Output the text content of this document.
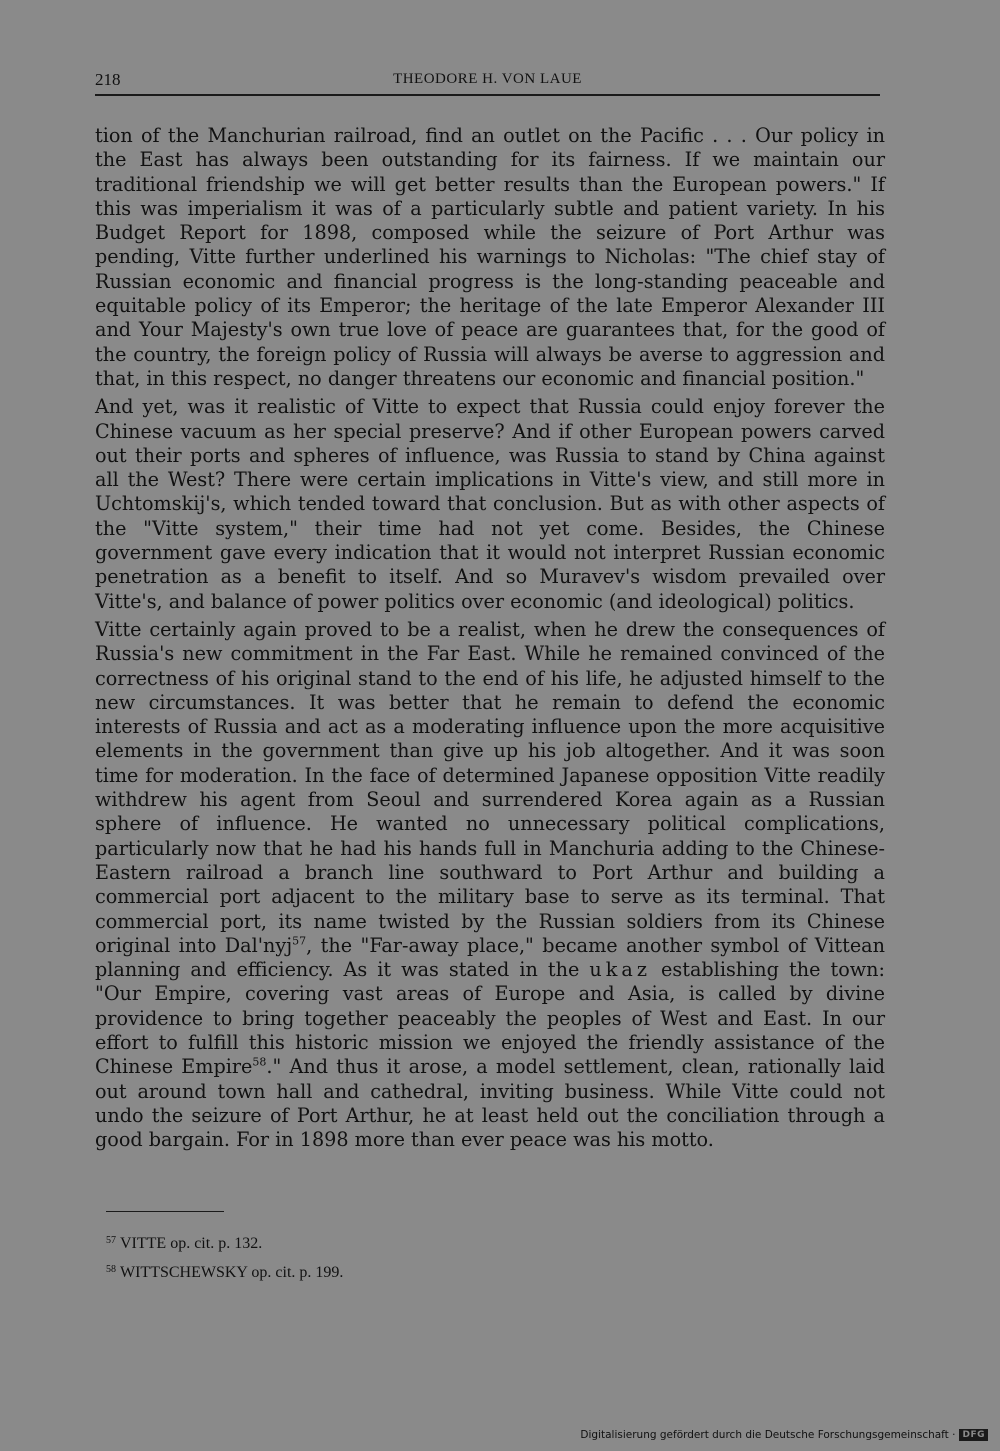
218	THEODORE H. VON LAUE

tion of the Manchurian railroad, find an outlet on the Pacific . . . Our policy in the East has always been outstanding for its fairness. If we maintain our traditional friendship we will get better results than the European powers." If this was imperialism it was of a particularly subtle and patient variety. In his Budget Report for 1898, composed while the seizure of Port Arthur was pending, Vitte further underlined his warnings to Nicholas: "The chief stay of Russian economic and financial progress is the long-standing peaceable and equitable policy of its Emperor; the heritage of the late Emperor Alexander III and Your Majesty's own true love of peace are guarantees that, for the good of the country, the foreign policy of Russia will always be averse to aggression and that, in this respect, no danger threatens our economic and financial position."

And yet, was it realistic of Vitte to expect that Russia could enjoy forever the Chinese vacuum as her special preserve? And if other European powers carved out their ports and spheres of influence, was Russia to stand by China against all the West? There were certain implications in Vitte's view, and still more in Uchtomskij's, which tended toward that conclusion. But as with other aspects of the "Vitte system," their time had not yet come. Besides, the Chinese government gave every indication that it would not interpret Russian economic penetration as a benefit to itself. And so Muravev's wisdom prevailed over Vitte's, and balance of power politics over economic (and ideological) politics.

Vitte certainly again proved to be a realist, when he drew the consequences of Russia's new commitment in the Far East. While he remained convinced of the correctness of his original stand to the end of his life, he adjusted himself to the new circumstances. It was better that he remain to defend the economic interests of Russia and act as a moderating influence upon the more acquisitive elements in the government than give up his job altogether. And it was soon time for moderation. In the face of determined Japanese opposition Vitte readily withdrew his agent from Seoul and surrendered Korea again as a Russian sphere of influence. He wanted no unnecessary political complications, particularly now that he had his hands full in Manchuria adding to the Chinese-Eastern railroad a branch line southward to Port Arthur and building a commercial port adjacent to the military base to serve as its terminal. That commercial port, its name twisted by the Russian soldiers from its Chinese original into Dal'nyj$^{57}$, the "Far-away place," became another symbol of Vittean planning and efficiency. As it was stated in the ukaz establishing the town: "Our Empire, covering vast areas of Europe and Asia, is called by divine providence to bring together peaceably the peoples of West and East. In our effort to fulfill this historic mission we enjoyed the friendly assistance of the Chinese Empire$^{58}$." And thus it arose, a model settlement, clean, rationally laid out around town hall and cathedral, inviting business. While Vitte could not undo the seizure of Port Arthur, he at least held out the conciliation through a good bargain. For in 1898 more than ever peace was his motto.

$^{57}$ VITTE op. cit. p. 132.
$^{58}$ WITTSCHEWSKY op. cit. p. 199.
Digitalisierung gefördert durch die Deutsche Forschungsgemeinschaft · DFG
